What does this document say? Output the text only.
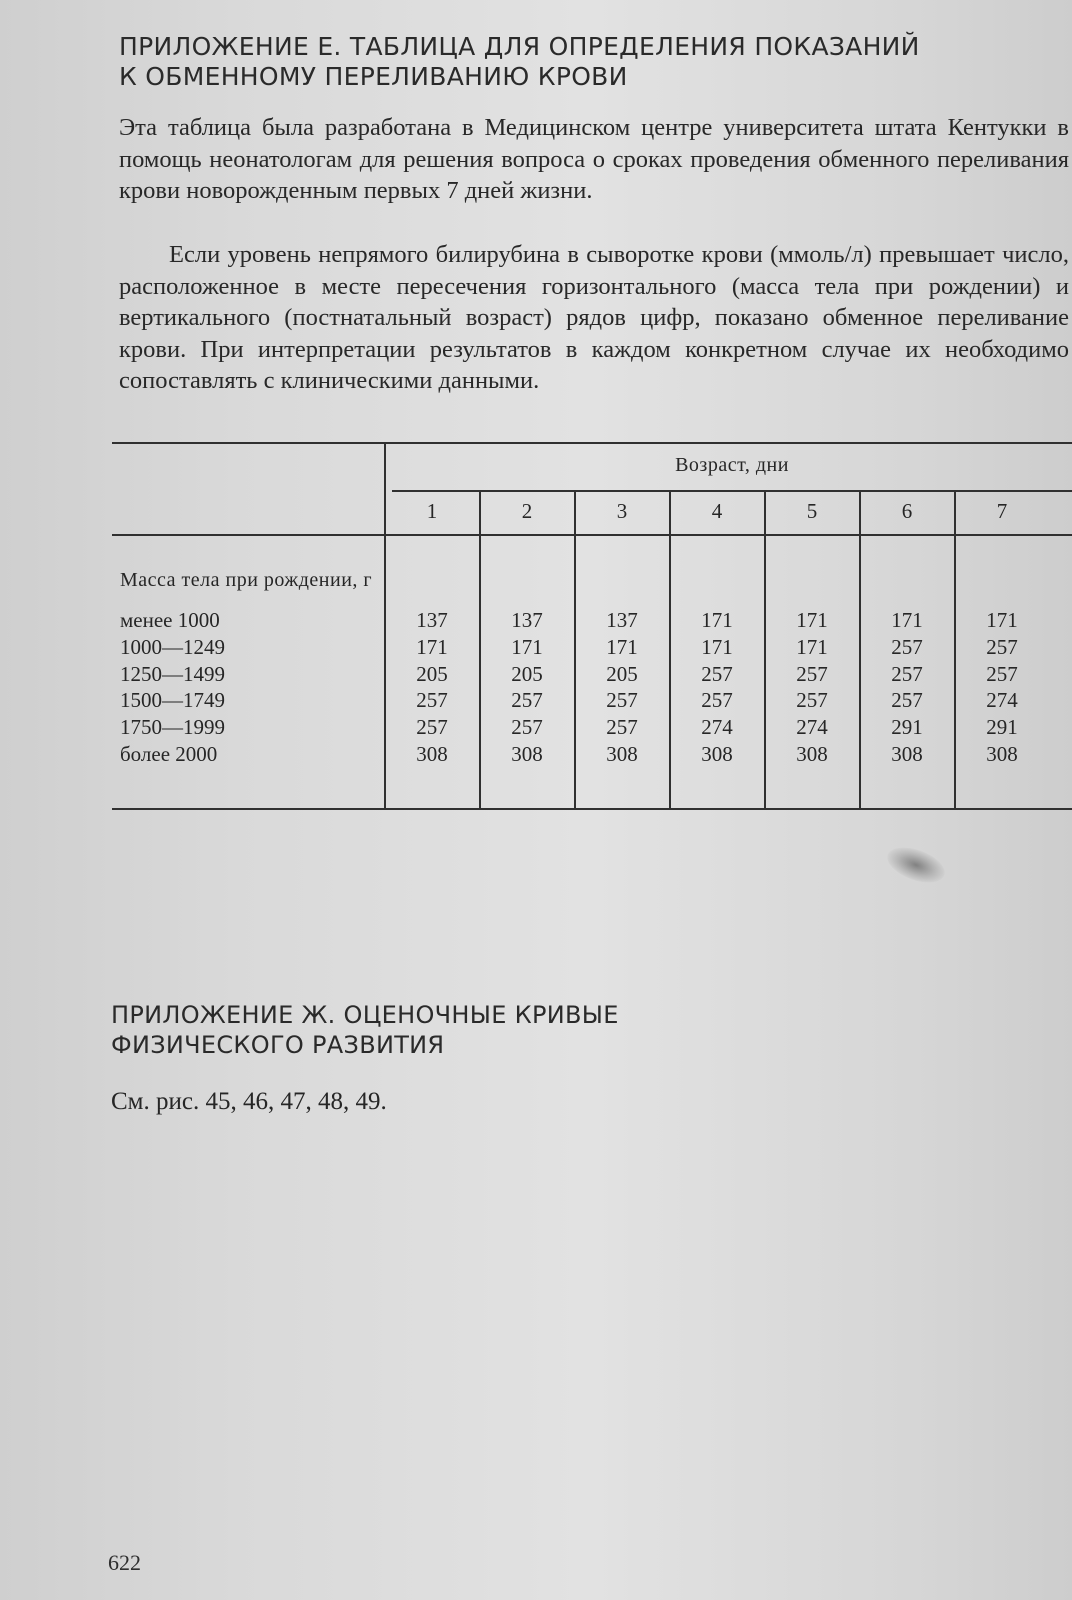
ПРИЛОЖЕНИЕ Е. ТАБЛИЦА ДЛЯ ОПРЕДЕЛЕНИЯ ПОКАЗАНИЙ
К ОБМЕННОМУ ПЕРЕЛИВАНИЮ КРОВИ

Эта таблица была разработана в Медицинском центре университета штата Кентукки в помощь неонатологам для решения вопроса о сроках проведения обменного переливания крови новорожденным первых 7 дней жизни.

Если уровень непрямого билирубина в сыворотке крови (ммоль/л) превышает число, расположенное в месте пересечения горизонтального (масса тела при рождении) и вертикального (постнатальный возраст) рядов цифр, показано обменное переливание крови. При интерпретации результатов в каждом конкретном случае их необходимо сопоставлять с клиническими данными.

Возраст, дни
1	2	3	4	5	6	7
Масса тела при рождении, г
менее 1000	137	137	137	171	171	171	171
1000—1249	171	171	171	171	171	257	257
1250—1499	205	205	205	257	257	257	257
1500—1749	257	257	257	257	257	257	274
1750—1999	257	257	257	274	274	291	291
более 2000	308	308	308	308	308	308	308
ПРИЛОЖЕНИЕ Ж. ОЦЕНОЧНЫЕ КРИВЫЕ
ФИЗИЧЕСКОГО РАЗВИТИЯ

См. рис. 45, 46, 47, 48, 49.

622
